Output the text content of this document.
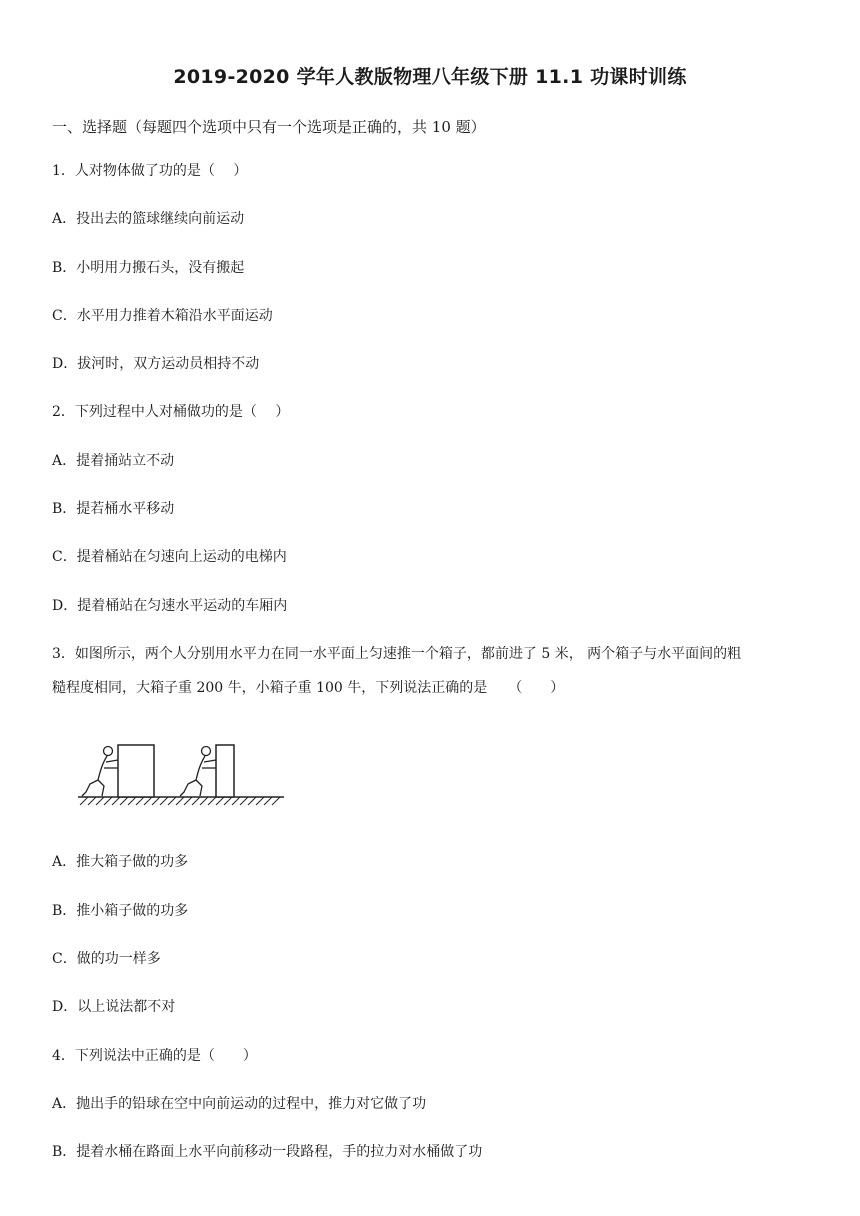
2019-2020 学年人教版物理八年级下册 11.1 功课时训练
一、选择题（每题四个选项中只有一个选项是正确的，共 10 题）
1．人对物体做了功的是（　 ）
A．投出去的篮球继续向前运动
B．小明用力搬石头，没有搬起
C．水平用力推着木箱沿水平面运动
D．拔河时，双方运动员相持不动
2．下列过程中人对桶做功的是（　 ）
A．提着捅站立不动
B．提若桶水平移动
C．提着桶站在匀速向上运动的电梯内
D．提着桶站在匀速水平运动的车厢内
3．如图所示，两个人分别用水平力在同一水平面上匀速推一个箱子，都前进了 5 米， 两个箱子与水平面间的粗
糙程度相同，大箱子重 200 牛，小箱子重 100 牛，下列说法正确的是　　（　　）
A．推大箱子做的功多
B．推小箱子做的功多
C．做的功一样多
D．以上说法都不对
4．下列说法中正确的是（　　）
A．抛出手的铅球在空中向前运动的过程中，推力对它做了功
B．提着水桶在路面上水平向前移动一段路程，手的拉力对水桶做了功
